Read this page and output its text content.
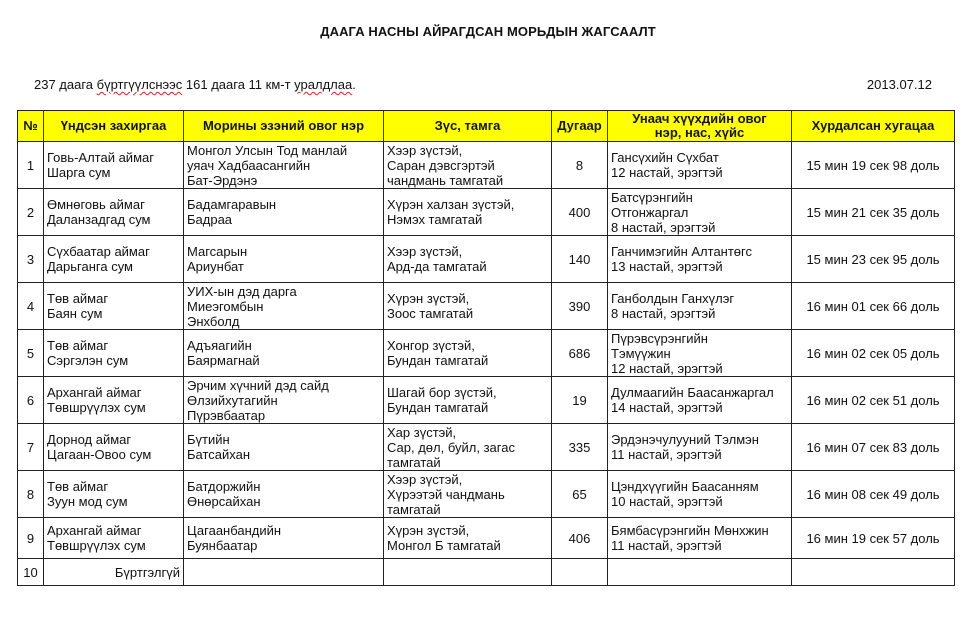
ДААГА НАСНЫ АЙРАГДСАН МОРЬДЫН ЖАГСААЛТ
237 даага бүртгүүлснээс 161 даага 11 км-т уралдлаа.	2013.07.12
№	Үндсэн захиргаа	Морины эзэний овог нэр	Зүс, тамга	Дугаар	Унаач хүүхдийн овог
нэр, нас, хүйс	Хурдалсан хугацаа
1	Говь-Алтай аймаг
Шарга сум	Монгол Улсын Тод манлай
уяач Хадбаасангийн
Бат-Эрдэнэ	Хээр зүстэй,
Саран дэвсгэртэй
чандмань тамгатай	8	Гансүхийн Сүхбат
12 настай, эрэгтэй	15 мин 19 сек 98 доль
2	Өмнөговь аймаг
Даланзадгад сум	Бадамгаравын
Бадраа	Хүрэн халзан зүстэй,
Нэмэх тамгатай	400	Батсүрэнгийн
Отгонжаргал
8 настай, эрэгтэй	15 мин 21 сек 35 доль
3	Сүхбаатар аймаг
Дарьганга сум	Магсарын
Ариунбат	Хээр зүстэй,
Ард-да тамгатай	140	Ганчимэгийн Алтантөгс
13 настай, эрэгтэй	15 мин 23 сек 95 доль
4	Төв аймаг
Баян сум	УИХ-ын дэд дарга
Миеэгомбын
Энхболд	Хүрэн зүстэй,
Зоос тамгатай	390	Ганболдын Ганхүлэг
8 настай, эрэгтэй	16 мин 01 сек 66 доль
5	Төв аймаг
Сэргэлэн сум	Адъяагийн
Баярмагнай	Хонгор зүстэй,
Бундан тамгатай	686	Пүрэвсүрэнгийн
Тэмүүжин
12 настай, эрэгтэй	16 мин 02 сек 05 доль
6	Архангай аймаг
Төвшрүүлэх сум	Эрчим хүчний дэд сайд
Өлзийхутагийн
Пүрэвбаатар	Шагай бор зүстэй,
Бундан тамгатай	19	Дулмаагийн Баасанжаргал
14 настай, эрэгтэй	16 мин 02 сек 51 доль
7	Дорнод аймаг
Цагаан-Овоо сум	Бүтийн
Батсайхан	Хар зүстэй,
Сар, дөл, буйл, загас
тамгатай	335	Эрдэнэчулууний Тэлмэн
11 настай, эрэгтэй	16 мин 07 сек 83 доль
8	Төв аймаг
Зуун мод сум	Батдоржийн
Өнөрсайхан	Хээр зүстэй,
Хүрээтэй чандмань
тамгатай	65	Цэндхүүгийн Баасанням
10 настай, эрэгтэй	16 мин 08 сек 49 доль
9	Архангай аймаг
Төвшрүүлэх сум	Цагаанбандийн
Буянбаатар	Хүрэн зүстэй,
Монгол Б тамгатай	406	Бямбасүрэнгийн Мөнхжин
11 настай, эрэгтэй	16 мин 19 сек 57 доль
10	Бүртгэлгүй					
